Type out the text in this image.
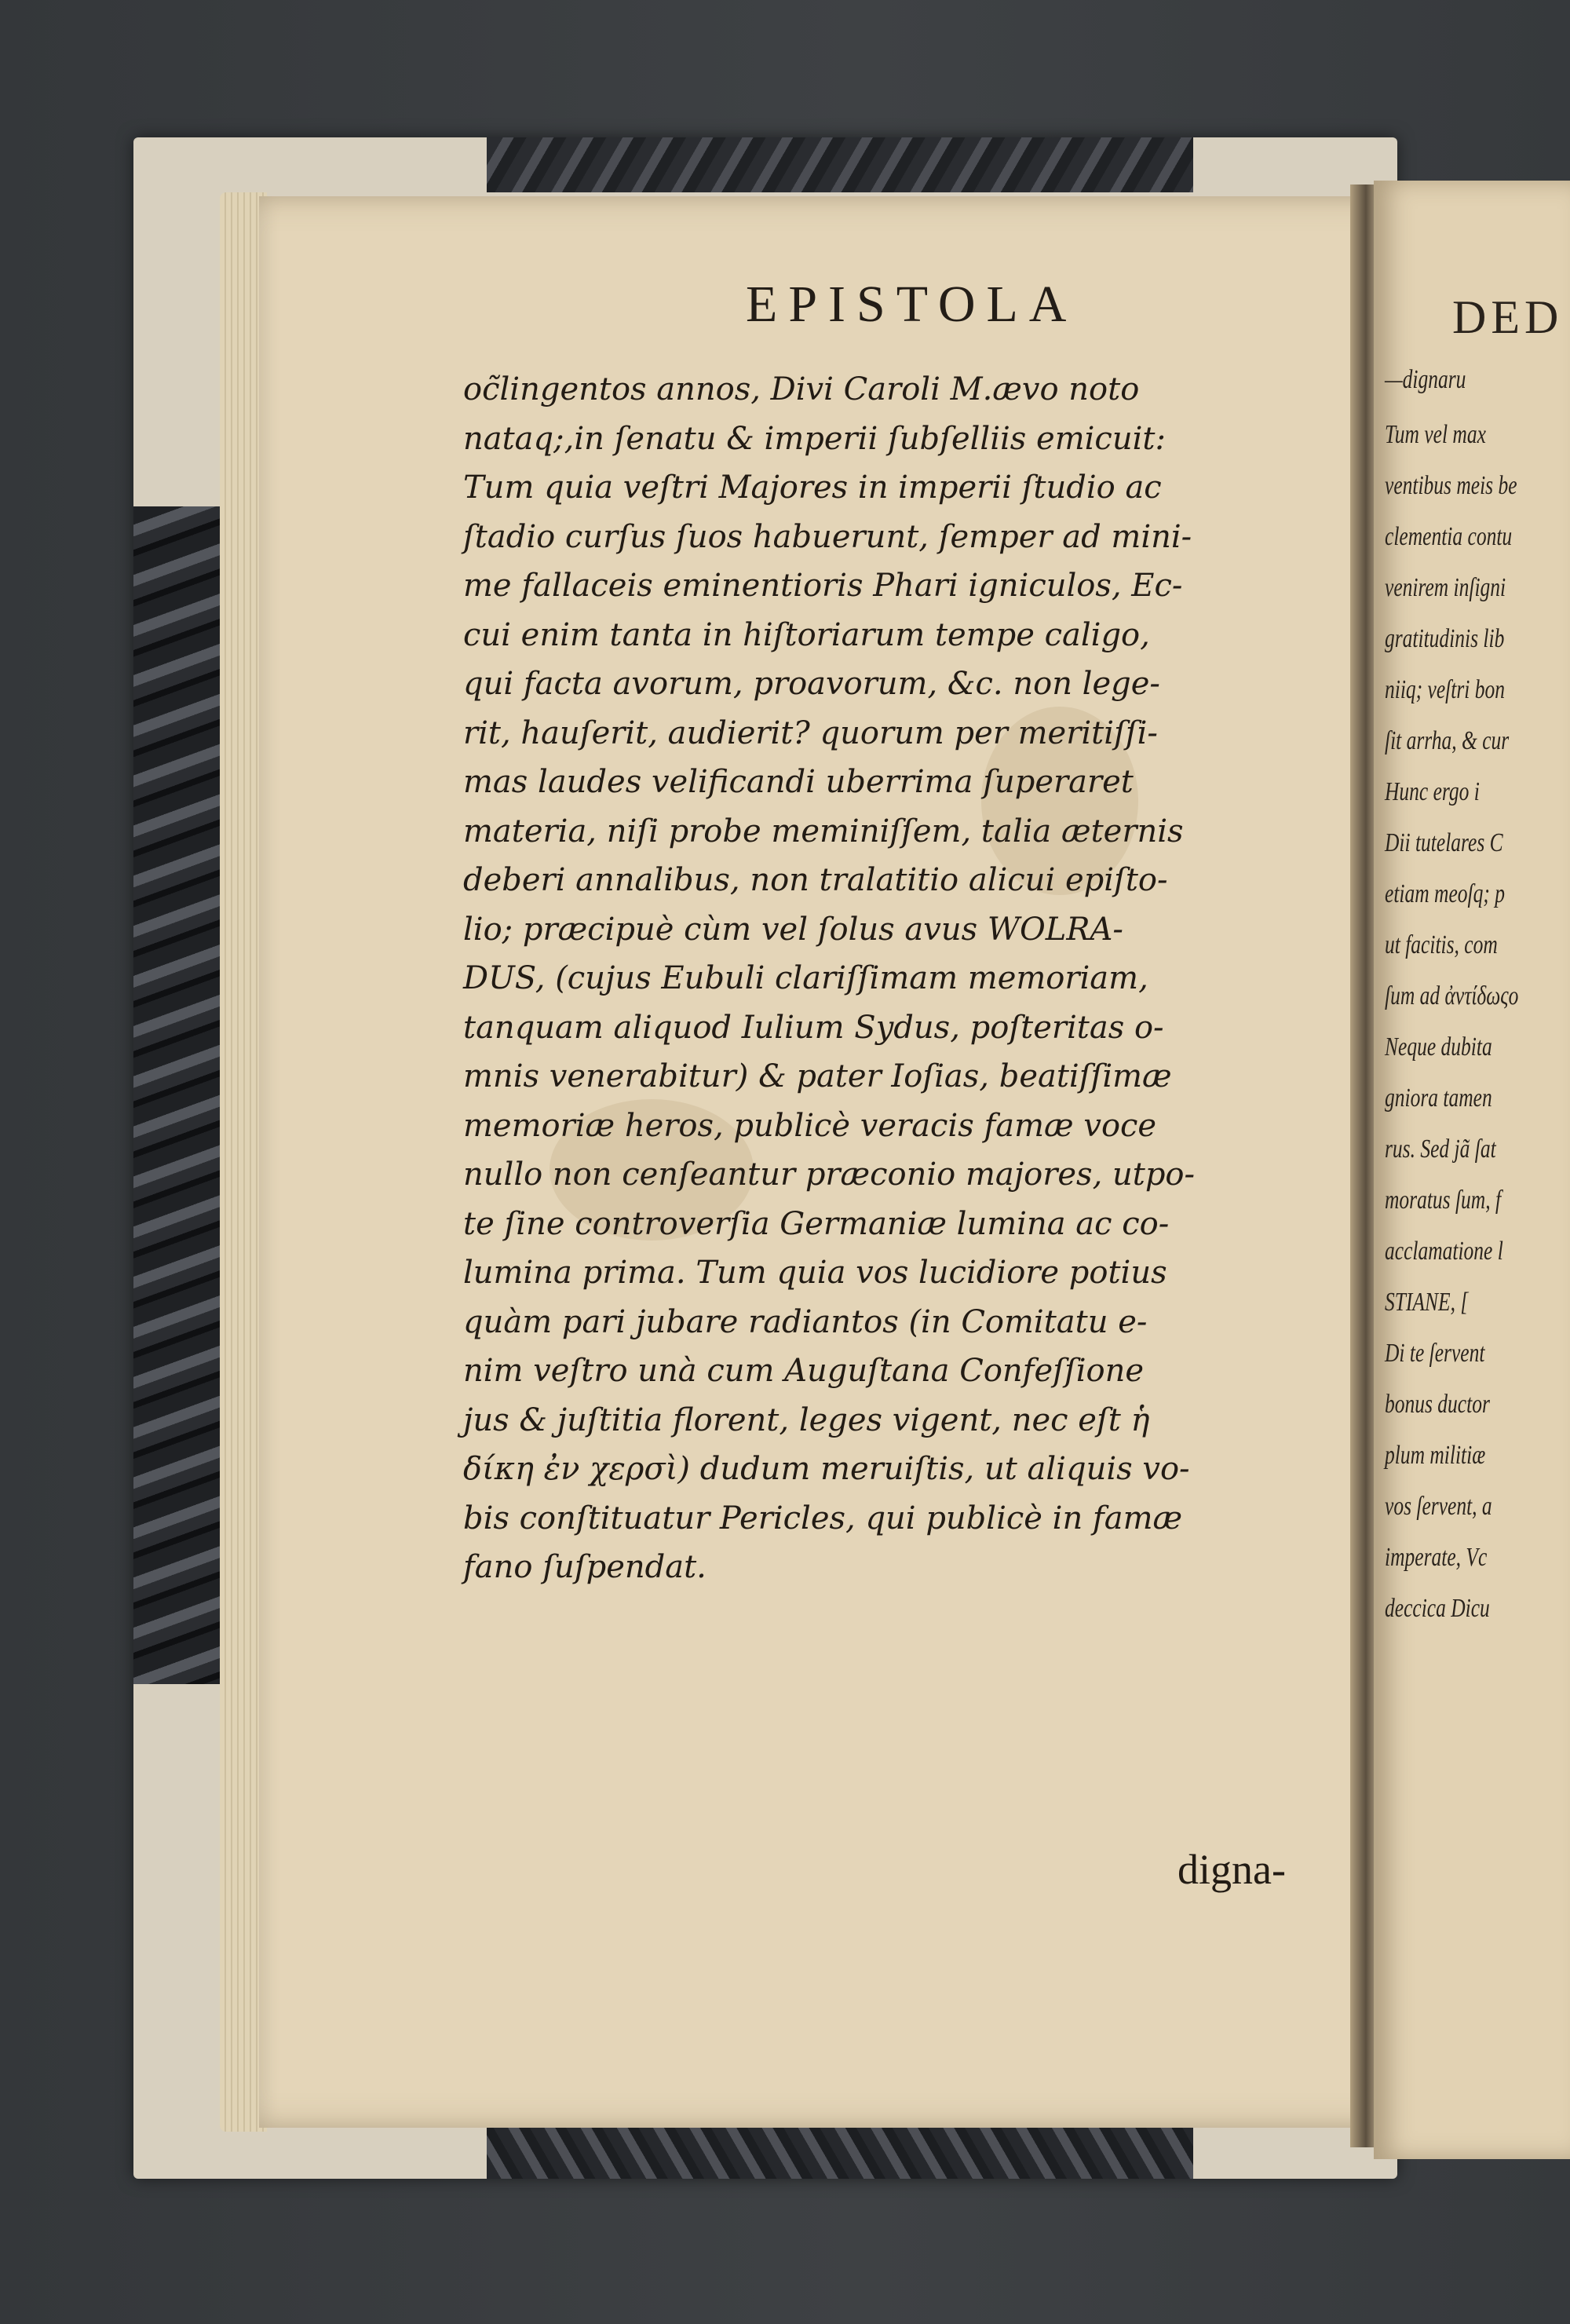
DED
—dignaru
Tum vel max
ventibus meis be
clementia contu
venirem inſigni
gratitudinis lib
niiq; veſtri bon
ſit arrha, & cur
Hunc ergo i
Dii tutelares C
etiam meoſq; p
ut facitis, com
ſum ad ἀντίδωςο
Neque dubita
gniora tamen
rus. Sed jã ſat
moratus ſum, f
acclamatione l
STIANE, [
Di te ſervent
bonus ductor
plum militiæ
vos ſervent, a
imperate, Vc
deccica Dicu
EPISTOLA
oc̃lingentos annos, Divi Caroli M.ævo noto
nataq;,in ſenatu & imperii ſubſelliis emicuit:
Tum quia veſtri Majores in imperii ſtudio ac
ſtadio curſus ſuos habuerunt, ſemper ad mini-
me fallaceis eminentioris Phari igniculos, Ec-
cui enim tanta in hiſtoriarum tempe caligo,
qui facta avorum, proavorum, &c. non lege-
rit, hauſerit, audierit? quorum per meritiſſi-
mas laudes velificandi uberrima ſuperaret
materia, niſi probe meminiſſem, talia æternis
deberi annalibus, non tralatitio alicui epiſto-
lio; præcipuè cùm vel ſolus avus WOLRA-
DUS, (cujus Eubuli clariſſimam memoriam,
tanquam aliquod Iulium Sydus, poſteritas o-
mnis venerabitur) & pater Ioſias, beatiſſimæ
memoriæ heros, publicè veracis famæ voce
nullo non cenſeantur præconio majores, utpo-
te ſine controverſia Germaniæ lumina ac co-
lumina prima. Tum quia vos lucidiore potius
quàm pari jubare radiantos (in Comitatu e-
nim veſtro unà cum Auguſtana Confeſſione
jus & juſtitia florent, leges vigent, nec eſt ἡ
δίκη ἐν χερσὶ) dudum meruiſtis, ut aliquis vo-
bis conſtituatur Pericles, qui publicè in famæ
fano ſuſpendat.
digna-
